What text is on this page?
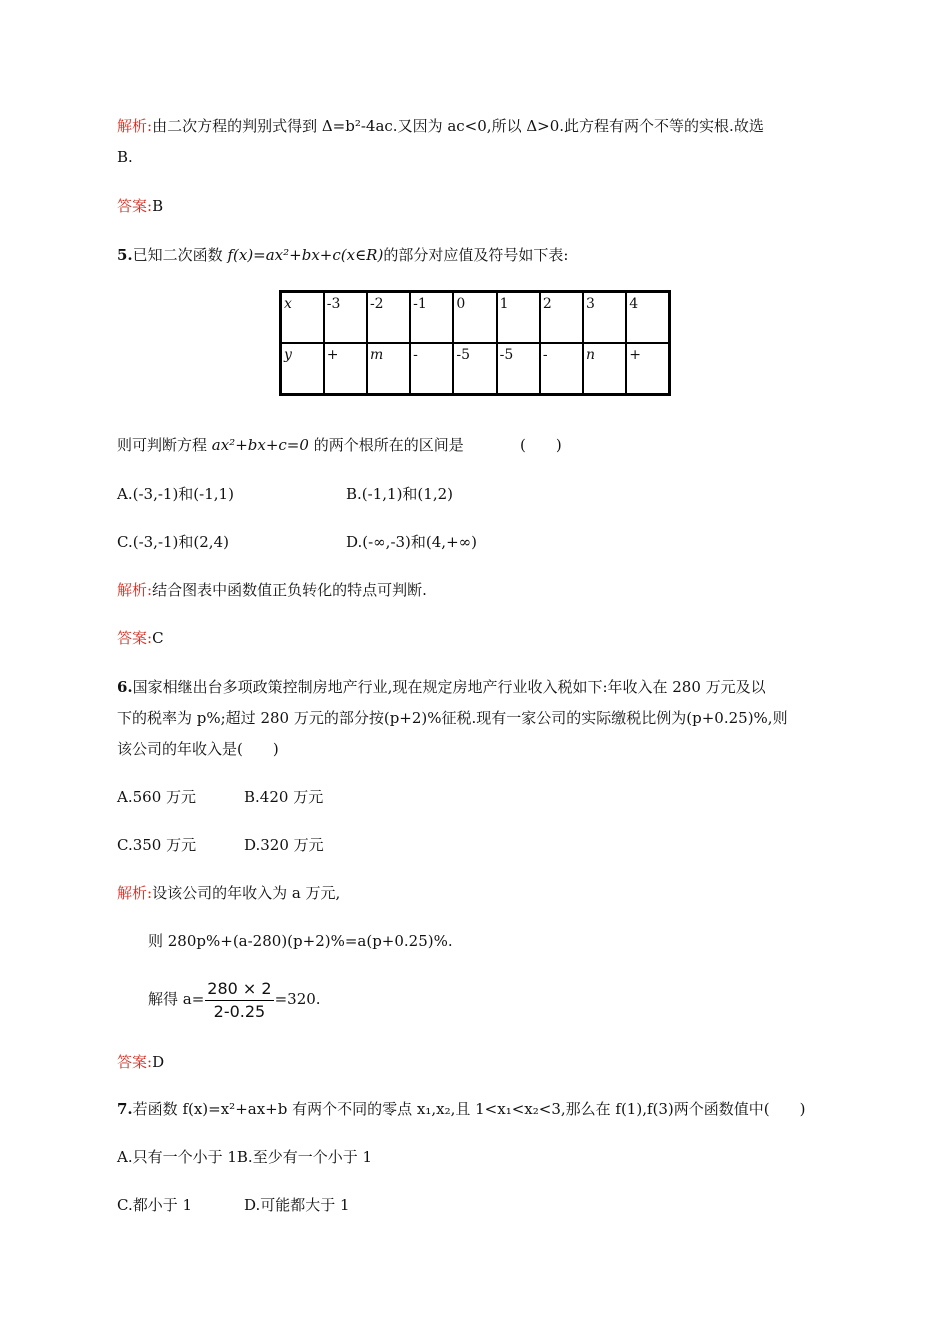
解析:由二次方程的判别式得到 Δ=b²-4ac.又因为 ac<0,所以 Δ>0.此方程有两个不等的实根.故选
B.
答案:B
5.已知二次函数 f(x)=ax²+bx+c(x∈R)的部分对应值及符号如下表:
x	-3	-2	-1	0	1	2	3	4
y	+	m	-	-5	-5	-	n	+
则可判断方程 ax²+bx+c=0 的两个根所在的区间是	(　　)
A.(-3,-1)和(-1,1)	B.(-1,1)和(1,2)
C.(-3,-1)和(2,4)	D.(-∞,-3)和(4,+∞)
解析:结合图表中函数值正负转化的特点可判断.
答案:C
6.国家相继出台多项政策控制房地产行业,现在规定房地产行业收入税如下:年收入在 280 万元及以
下的税率为 p%;超过 280 万元的部分按(p+2)%征税.现有一家公司的实际缴税比例为(p+0.25)%,则
该公司的年收入是(　　)
A.560 万元	B.420 万元
C.350 万元	D.320 万元
解析:设该公司的年收入为 a 万元,
则 280p%+(a-280)(p+2)%=a(p+0.25)%.
解得 $a= \frac{280 \times 2}{2-0.25} =320$.
答案:D
7.若函数 f(x)=x²+ax+b 有两个不同的零点 x₁,x₂,且 1<x₁<x₂<3,那么在 f(1),f(3)两个函数值中(　　)
A.只有一个小于 1B.至少有一个小于 1
C.都小于 1	D.可能都大于 1
